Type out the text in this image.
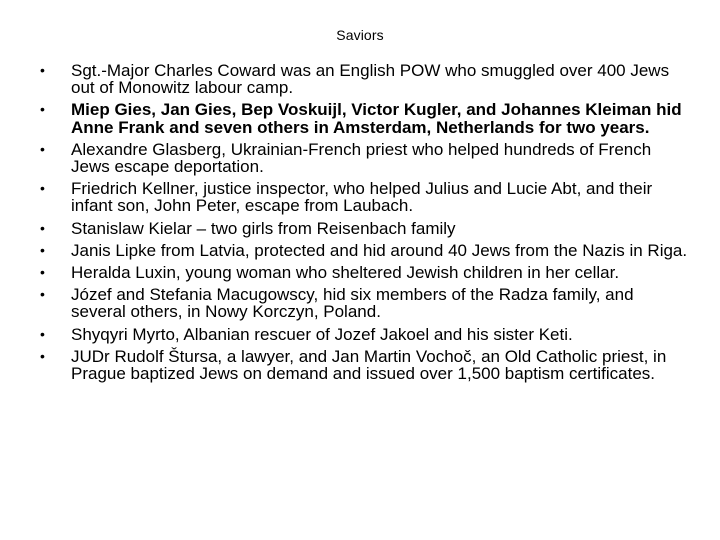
Saviors
• Sgt.-Major Charles Coward was an English POW who smuggled over 400 Jews out of Monowitz labour camp.
• Miep Gies, Jan Gies, Bep Voskuijl, Victor Kugler, and Johannes Kleiman hid Anne Frank and seven others in Amsterdam, Netherlands for two years.
• Alexandre Glasberg, Ukrainian-French priest who helped hundreds of French Jews escape deportation.
• Friedrich Kellner, justice inspector, who helped Julius and Lucie Abt, and their infant son, John Peter, escape from Laubach.
• Stanislaw Kielar – two girls from Reisenbach family
• Janis Lipke from Latvia, protected and hid around 40 Jews from the Nazis in Riga.
• Heralda Luxin, young woman who sheltered Jewish children in her cellar.
• Józef and Stefania Macugowscy, hid six members of the Radza family, and several others, in Nowy Korczyn, Poland.
• Shyqyri Myrto, Albanian rescuer of Jozef Jakoel and his sister Keti.
• JUDr Rudolf Štursa, a lawyer, and Jan Martin Vochoč, an Old Catholic priest, in Prague baptized Jews on demand and issued over 1,500 baptism certificates.
